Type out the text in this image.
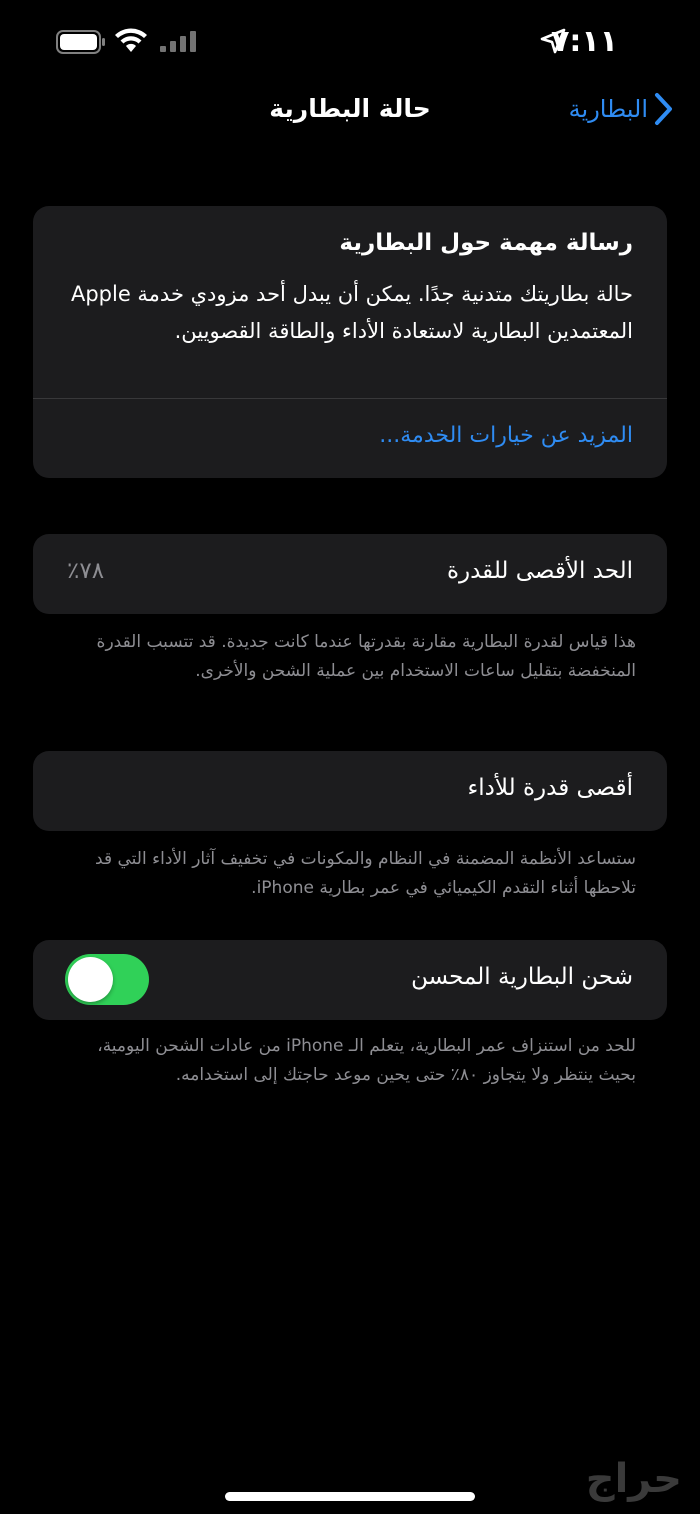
٧:١١
حالة البطارية	البطارية
رسالة مهمة حول البطارية
حالة بطاريتك متدنية جدًا. يمكن أن يبدل أحد مزودي خدمة Apple المعتمدين البطارية لاستعادة الأداء والطاقة القصويين.
المزيد عن خيارات الخدمة...
الحد الأقصى للقدرة
٧٨٪
هذا قياس لقدرة البطارية مقارنة بقدرتها عندما كانت جديدة. قد تتسبب القدرة المنخفضة بتقليل ساعات الاستخدام بين عملية الشحن والأخرى.
أقصى قدرة للأداء
ستساعد الأنظمة المضمنة في النظام والمكونات في تخفيف آثار الأداء التي قد تلاحظها أثناء التقدم الكيميائي في عمر بطارية iPhone.
شحن البطارية المحسن
للحد من استنزاف عمر البطارية، يتعلم الـ iPhone من عادات الشحن اليومية، بحيث ينتظر ولا يتجاوز ٨٠٪ حتى يحين موعد حاجتك إلى استخدامه.
حراج
